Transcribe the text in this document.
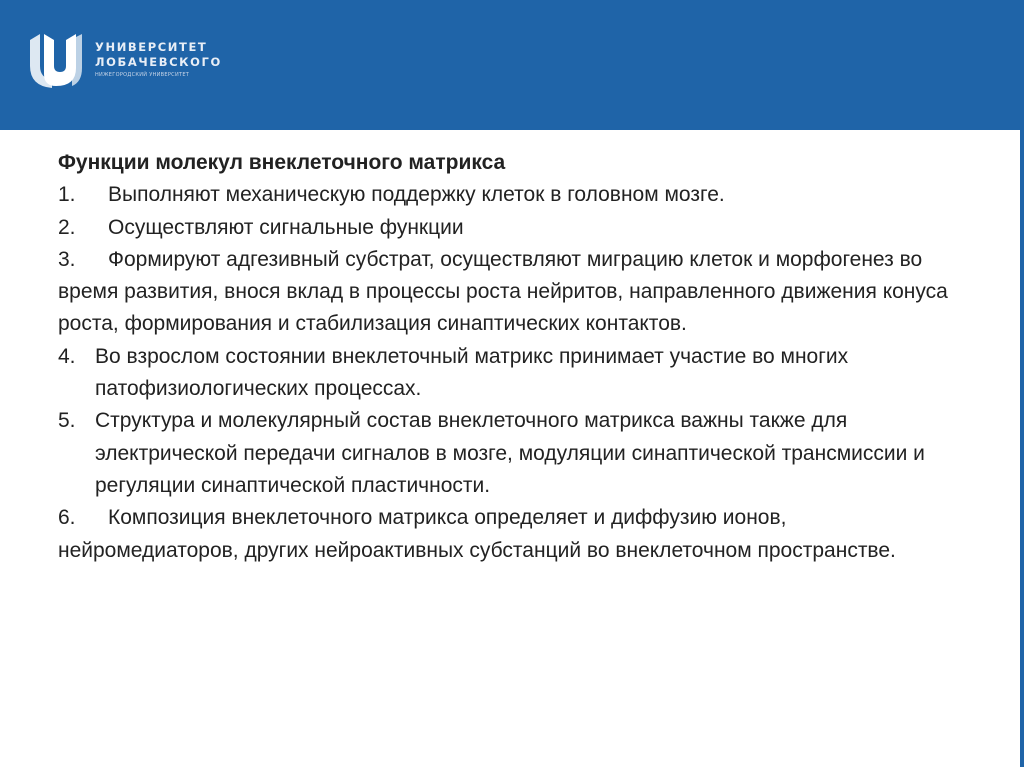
УНИВЕРСИТЕТ
ЛОБАЧЕВСКОГО
НИЖЕГОРОДСКИЙ УНИВЕРСИТЕТ
Функции молекул внеклеточного матрикса
1. Выполняют механическую поддержку клеток в головном мозге.
2. Осуществляют сигнальные функции
3. Формируют адгезивный субстрат, осуществляют миграцию клеток и морфогенез во время развития, внося вклад в процессы роста нейритов, направленного движения конуса роста, формирования и стабилизация синаптических контактов.
4. Во взрослом состоянии внеклеточный матрикс принимает участие во многих патофизиологических процессах.
5. Структура и молекулярный состав внеклеточного матрикса важны также для электрической передачи сигналов в мозге, модуляции синаптической трансмиссии и регуляции синаптической пластичности.
6. Композиция внеклеточного матрикса определяет и диффузию ионов, нейромедиаторов, других нейроактивных субстанций во внеклеточном пространстве.
